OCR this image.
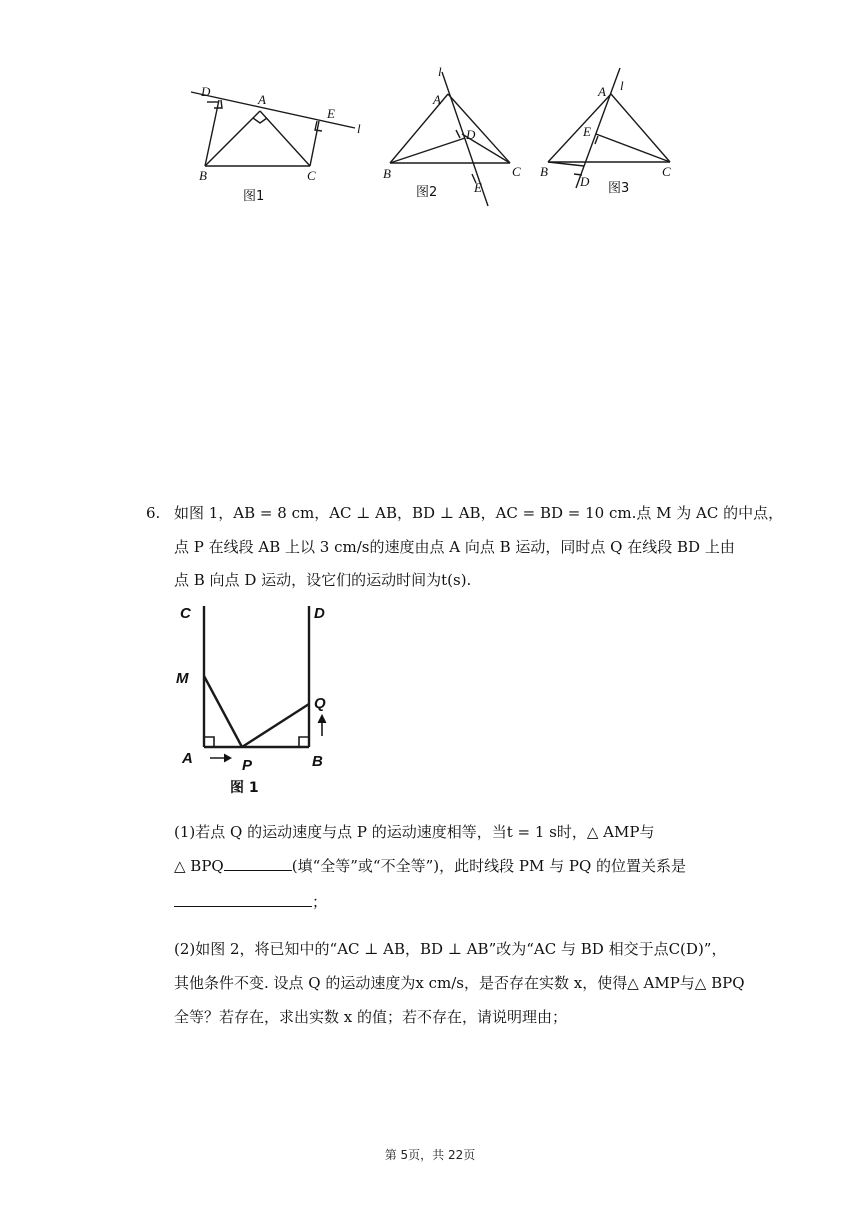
D
A
E
l
B	C
图1
l
A
D
B
E
C
图2
l
A
E
B
D
C
图3
6. 如图 1，AB = 8 cm，AC ⊥ AB，BD ⊥ AB，AC = BD = 10 cm.点 M 为 AC 的中点，
点 P 在线段 AB 上以 3 cm/s的速度由点 A 向点 B 运动，同时点 Q 在线段 BD 上由
点 B 向点 D 运动，设它们的运动时间为t(s).
C	D
M
Q
A	P	B
图 1
(1)若点 Q 的运动速度与点 P 的运动速度相等，当t = 1 s时，△ AMP与
△ BPQ	(填“全等”或“不全等”)，此时线段 PM 与 PQ 的位置关系是
；
(2)如图 2，将已知中的“AC ⊥ AB，BD ⊥ AB”改为“AC 与 BD 相交于点C(D)”，
其他条件不变. 设点 Q 的运动速度为x cm/s，是否存在实数 x，使得△ AMP与△ BPQ
全等？若存在，求出实数 x 的值；若不存在，请说明理由；
第 5页，共 22页
